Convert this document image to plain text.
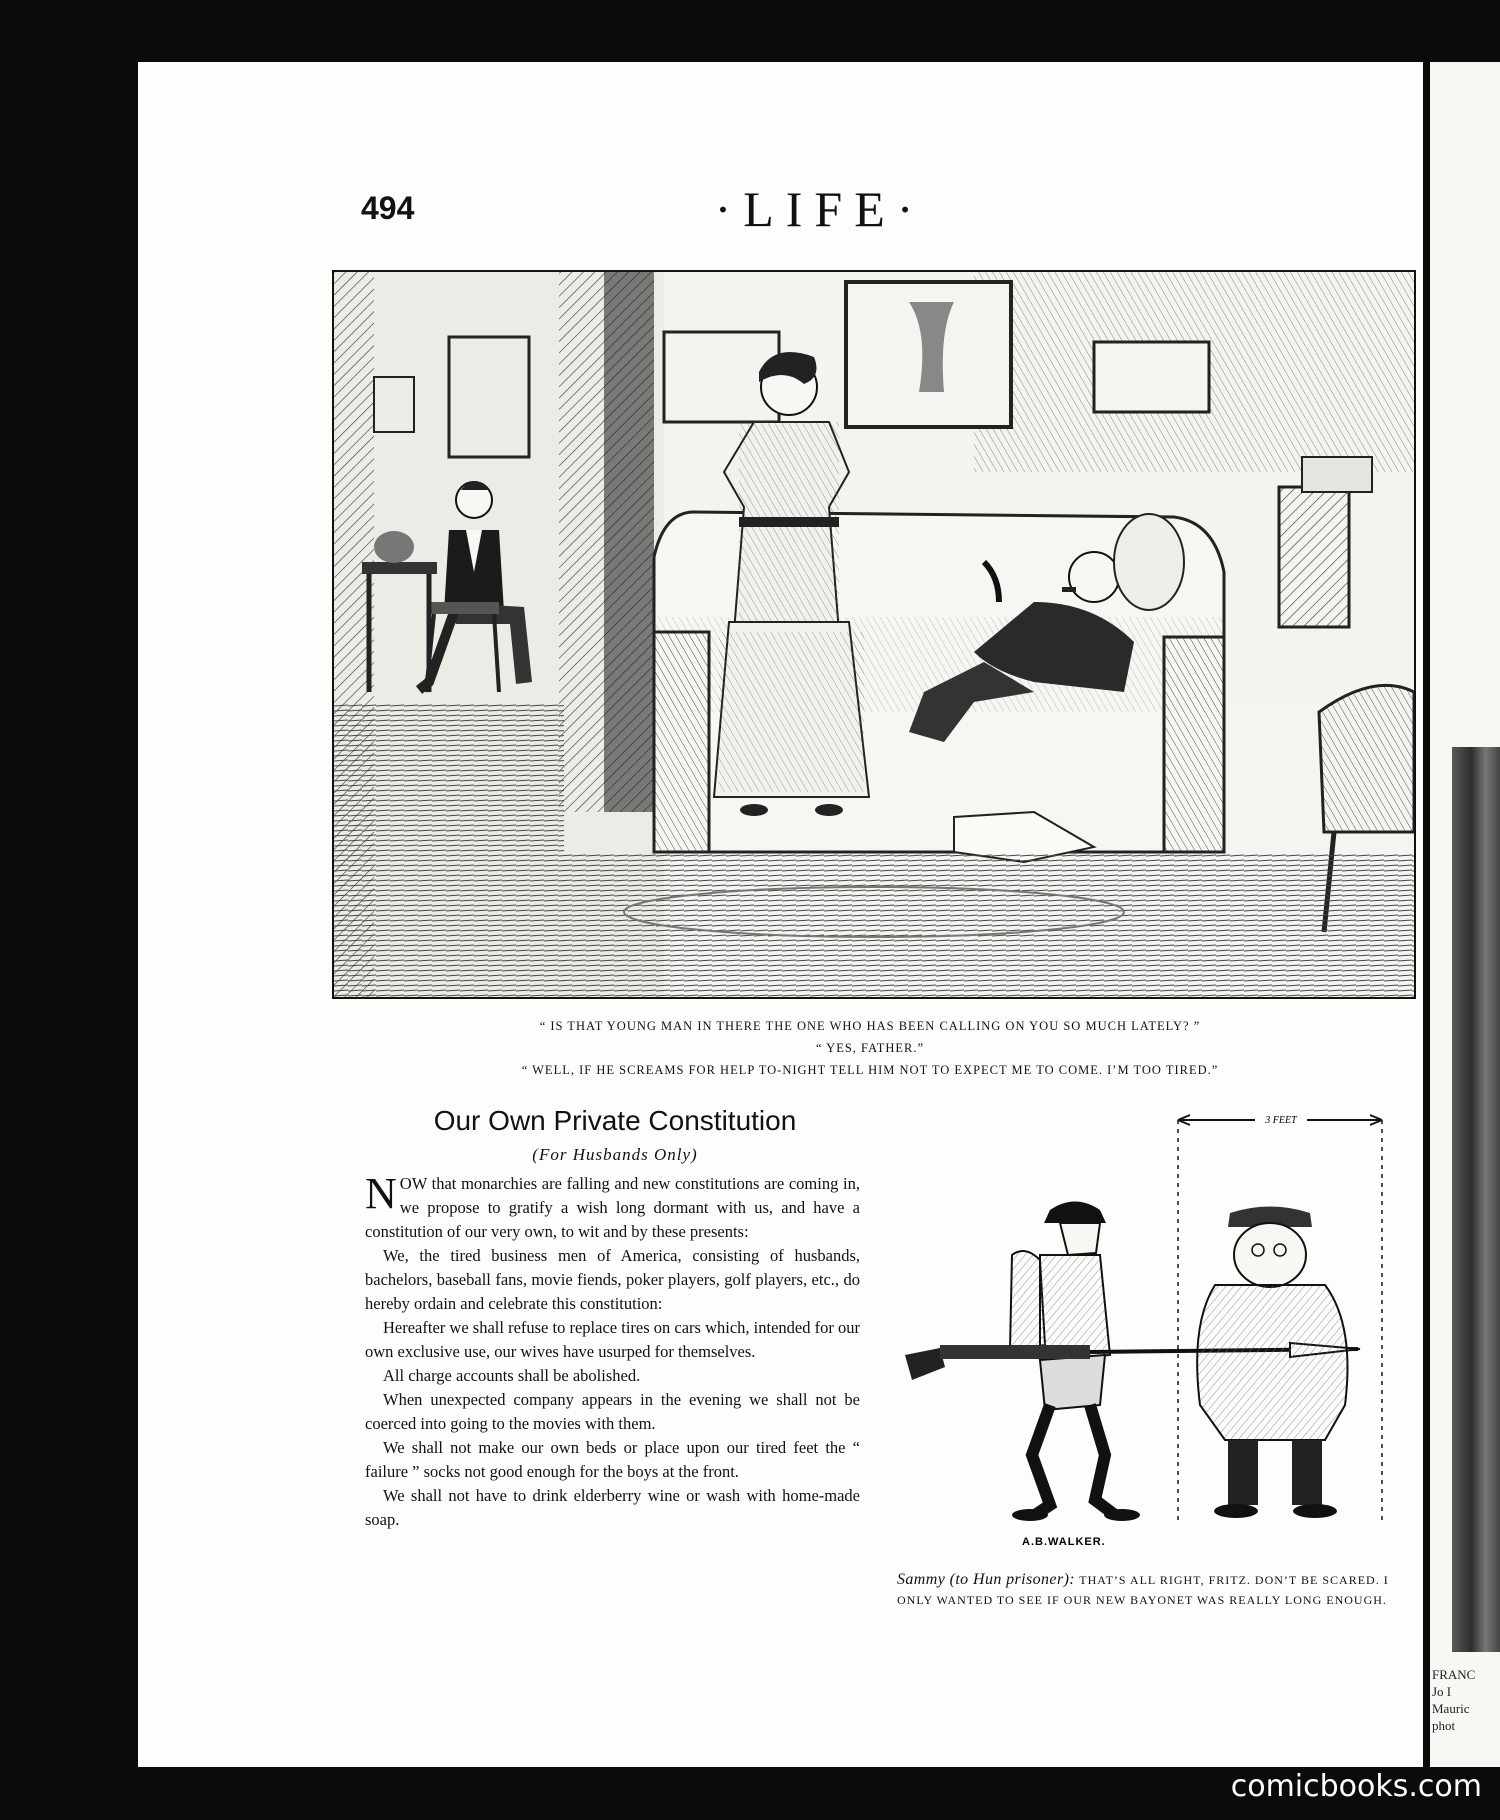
494	·LIFE·
FRANC
Jo I
Mauric
phot
“ IS THAT YOUNG MAN IN THERE THE ONE WHO HAS BEEN CALLING ON YOU SO MUCH LATELY? ”
“ YES, FATHER.”
“ WELL, IF HE SCREAMS FOR HELP TO-NIGHT TELL HIM NOT TO EXPECT ME TO COME. I’M TOO TIRED.”
Our Own Private Constitution
(For Husbands Only)

NOW that monarchies are falling and new constitutions are coming in, we propose to gratify a wish long dormant with us, and have a constitution of our very own, to wit and by these presents:

We, the tired business men of America, consisting of husbands, bachelors, baseball fans, movie fiends, poker players, golf players, etc., do hereby ordain and celebrate this constitution:

Hereafter we shall refuse to replace tires on cars which, intended for our own exclusive use, our wives have usurped for themselves.

All charge accounts shall be abolished.

When unexpected company appears in the evening we shall not be coerced into going to the movies with them.

We shall not make our own beds or place upon our tired feet the “ failure ” socks not good enough for the boys at the front.

We shall not have to drink elderberry wine or wash with home-made soap.

3 FEET
A.B.WALKER.
Sammy (to Hun prisoner): THAT’S ALL RIGHT, FRITZ. DON’T BE SCARED. I ONLY WANTED TO SEE IF OUR NEW BAYONET WAS REALLY LONG ENOUGH.
comicbooks.com
